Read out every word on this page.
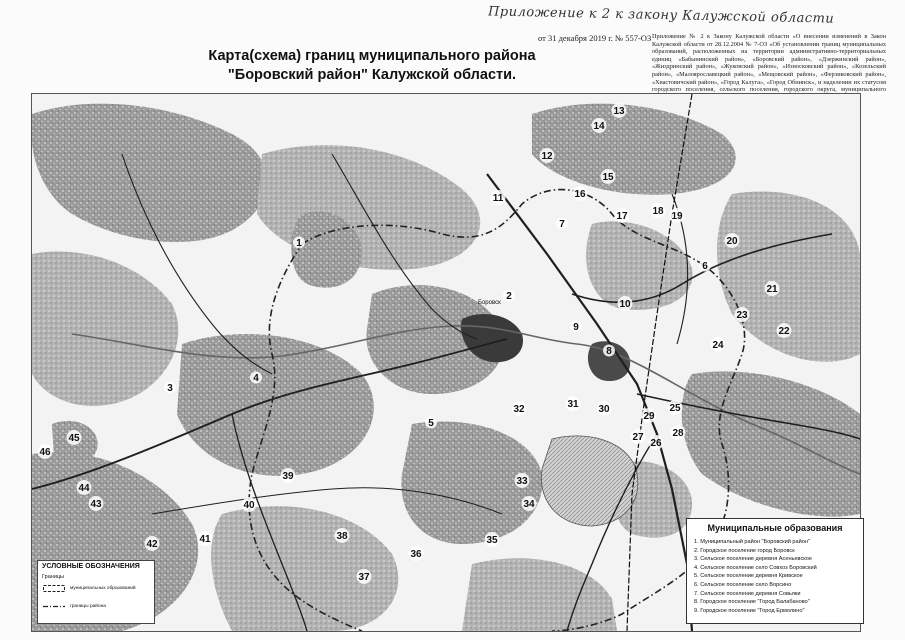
Приложение к 2 к закону Калужской области
от 31 декабря 2019 г. № 557-ОЗ
Карта(схема) границ муниципального района
"Боровский район" Калужской области.
Приложение № 2 к Закону Калужской области «О внесении изменений в Закон Калужской области от 28.12.2004 № 7-ОЗ «Об установлении границ муниципальных образований, расположенных на территории административно-территориальных единиц «Бабынинский район», «Боровский район», «Дзержинский район», «Жиздринский район», «Жуковский район», «Износковский район», «Козельский район», «Малоярославецкий район», «Мещовский район», «Ферзиковский район», «Хвастовичский район», «Город Калуга», «Город Обнинск», и наделении их статусом городского поселения, сельского поселения, городского округа, муниципального
1
2
3
4
5
6
7
8
9
10
11
12
13
14
15
16
17 18 19
20
21
22
23
24
25
26
27	28
29
30
31
32
33
34
35
36
37
38
39
40
41
42
43
44
45
46
Боровск
Муниципальные образования
1. Муниципальный район "Боровский район"
2. Городское поселение город Боровск
3. Сельское поселение деревня Асеньевское
4. Сельское поселение село Совхоз Боровский
5. Сельское поселение деревня Кривское
6. Сельское поселение село Ворсино
7. Сельское поселение деревня Совьяки
8. Городское поселение "Город Балабаново"
9. Городское поселение "Город Ермолино"
УСЛОВНЫЕ ОБОЗНАЧЕНИЯ
Границы
муниципальных образований
границы района
